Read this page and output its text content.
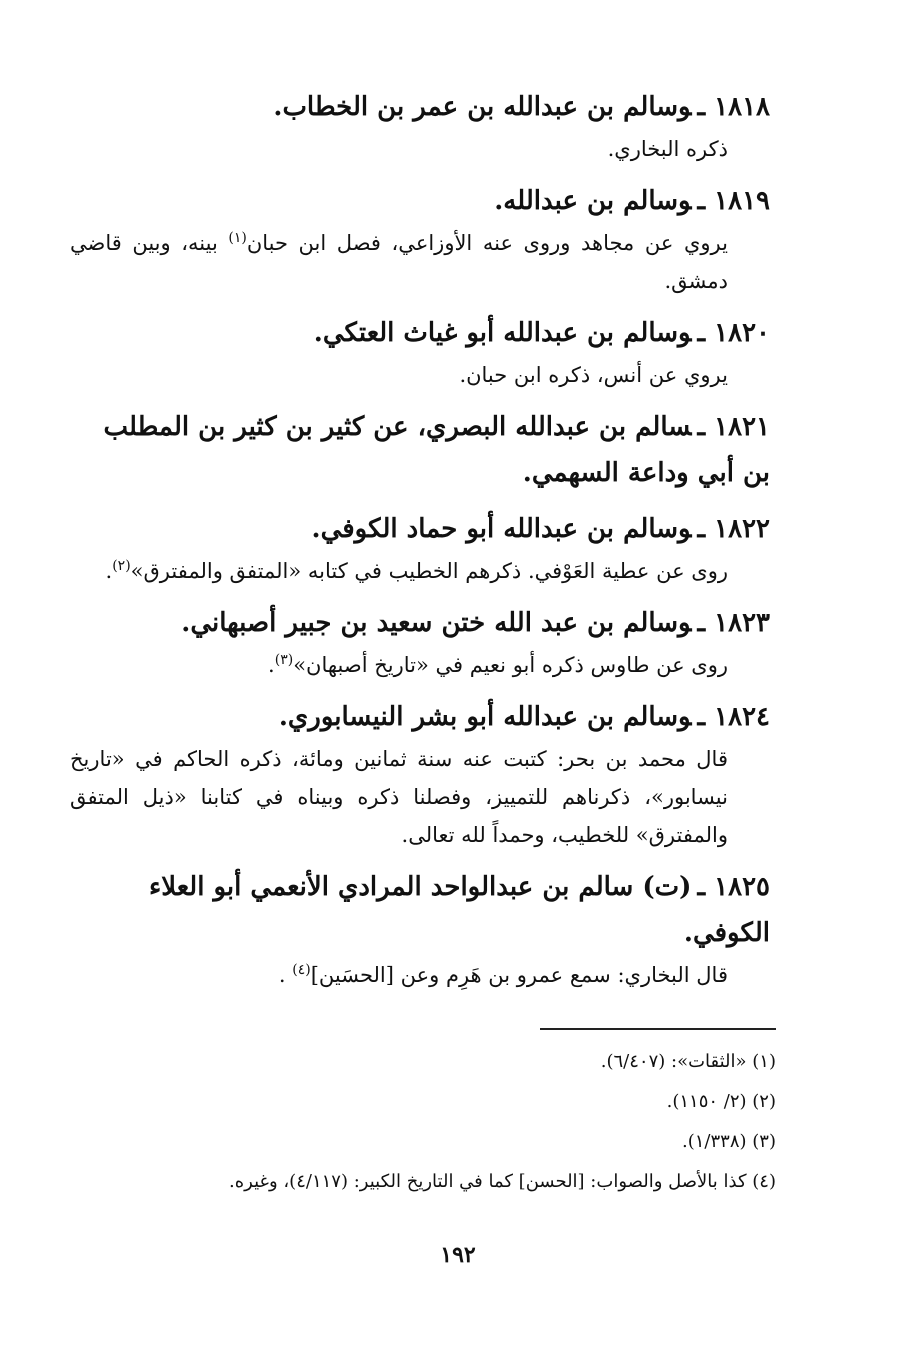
١٨١٨ ـوسالم بن عبدالله بن عمر بن الخطاب.

ذكره البخاري.

١٨١٩ ـوسالم بن عبدالله.

يروي عن مجاهد وروى عنه الأوزاعي، فصل ابن حبان$^{(١)}$ بينه، وبين قاضي دمشق.

١٨٢٠ ـوسالم بن عبدالله أبو غياث العتكي.

يروي عن أنس، ذكره ابن حبان.

١٨٢١ ـسالم بن عبدالله البصري، عن كثير بن كثير بن المطلب بن أبي وداعة السهمي.

١٨٢٢ ـوسالم بن عبدالله أبو حماد الكوفي.

روى عن عطية العَوْفي. ذكرهم الخطيب في كتابه «المتفق والمفترق»$^{(٢)}$.

١٨٢٣ ـوسالم بن عبد الله ختن سعيد بن جبير أصبهاني.

روى عن طاوس ذكره أبو نعيم في «تاريخ أصبهان»$^{(٣)}$.

١٨٢٤ ـوسالم بن عبدالله أبو بشر النيسابوري.

قال محمد بن بحر: كتبت عنه سنة ثمانين ومائة، ذكره الحاكم في «تاريخ نيسابور»، ذكرناهم للتمييز، وفصلنا ذكره وبيناه في كتابنا «ذيل المتفق والمفترق» للخطيب، وحمداً لله تعالى.

١٨٢٥ ـ(ت) سالم بن عبدالواحد المرادي الأنعمي أبو العلاء الكوفي.

قال البخاري: سمع عمرو بن هَرِم وعن [الحسَين]$^{(٤)}$ .

(١) «الثقات»: (٦/٤٠٧).

(٢) (٢/ ١١٥٠).

(٣) (١/٣٣٨).

(٤) كذا بالأصل والصواب: [الحسن] كما في التاريخ الكبير: (٤/١١٧)، وغيره.

١٩٢
